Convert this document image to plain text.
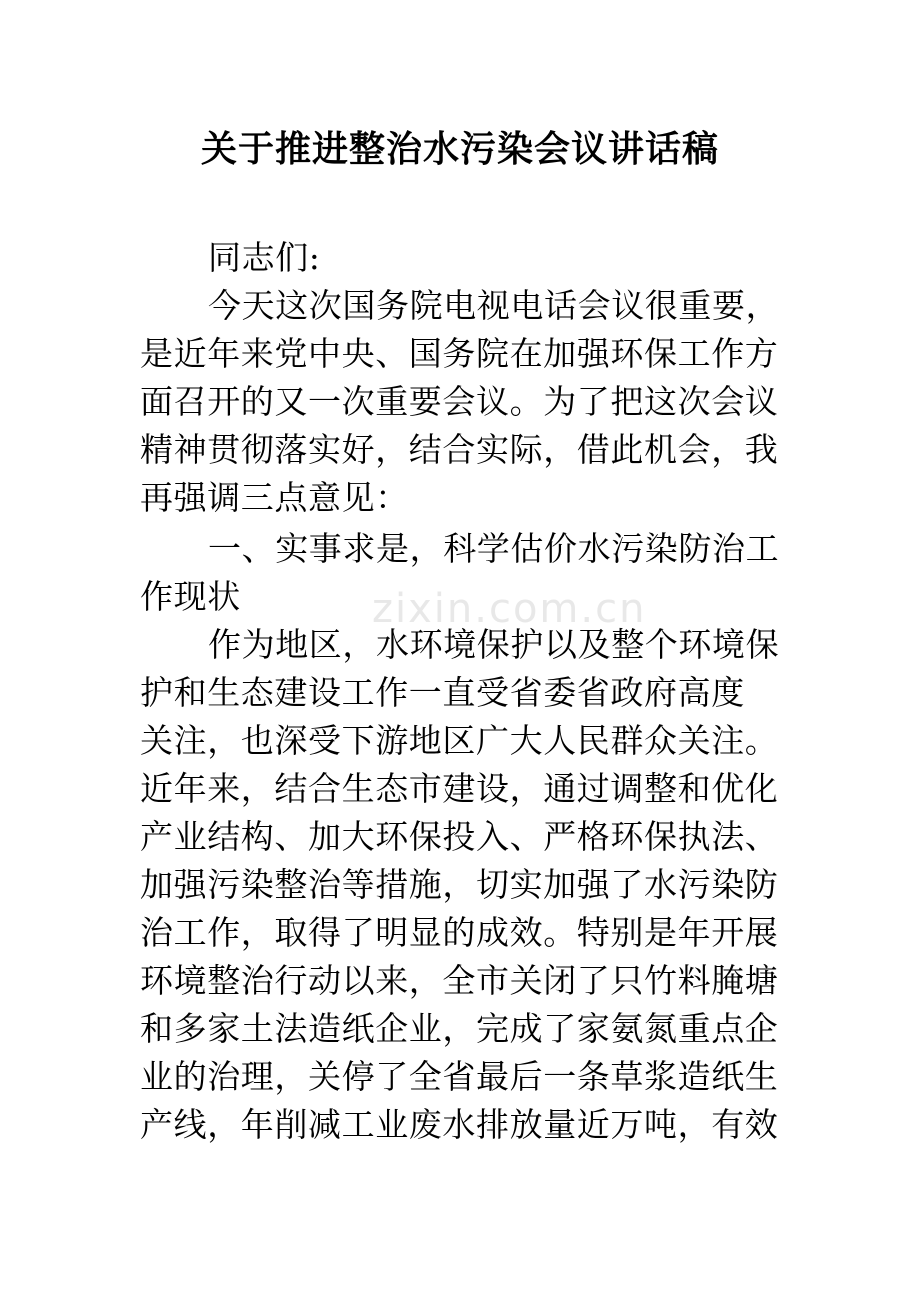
zixin.com.cn
关于推进整治水污染会议讲话稿
同志们:
今天这次国务院电视电话会议很重要，
是近年来党中央、国务院在加强环保工作方
面召开的又一次重要会议。为了把这次会议
精神贯彻落实好，结合实际，借此机会，我
再强调三点意见：
一、实事求是，科学估价水污染防治工
作现状
作为地区，水环境保护以及整个环境保
护和生态建设工作一直受省委省政府高度
关注，也深受下游地区广大人民群众关注。
近年来，结合生态市建设，通过调整和优化
产业结构、加大环保投入、严格环保执法、
加强污染整治等措施，切实加强了水污染防
治工作，取得了明显的成效。特别是年开展
环境整治行动以来，全市关闭了只竹料腌塘
和多家土法造纸企业，完成了家氨氮重点企
业的治理，关停了全省最后一条草浆造纸生
产线，年削减工业废水排放量近万吨，有效
